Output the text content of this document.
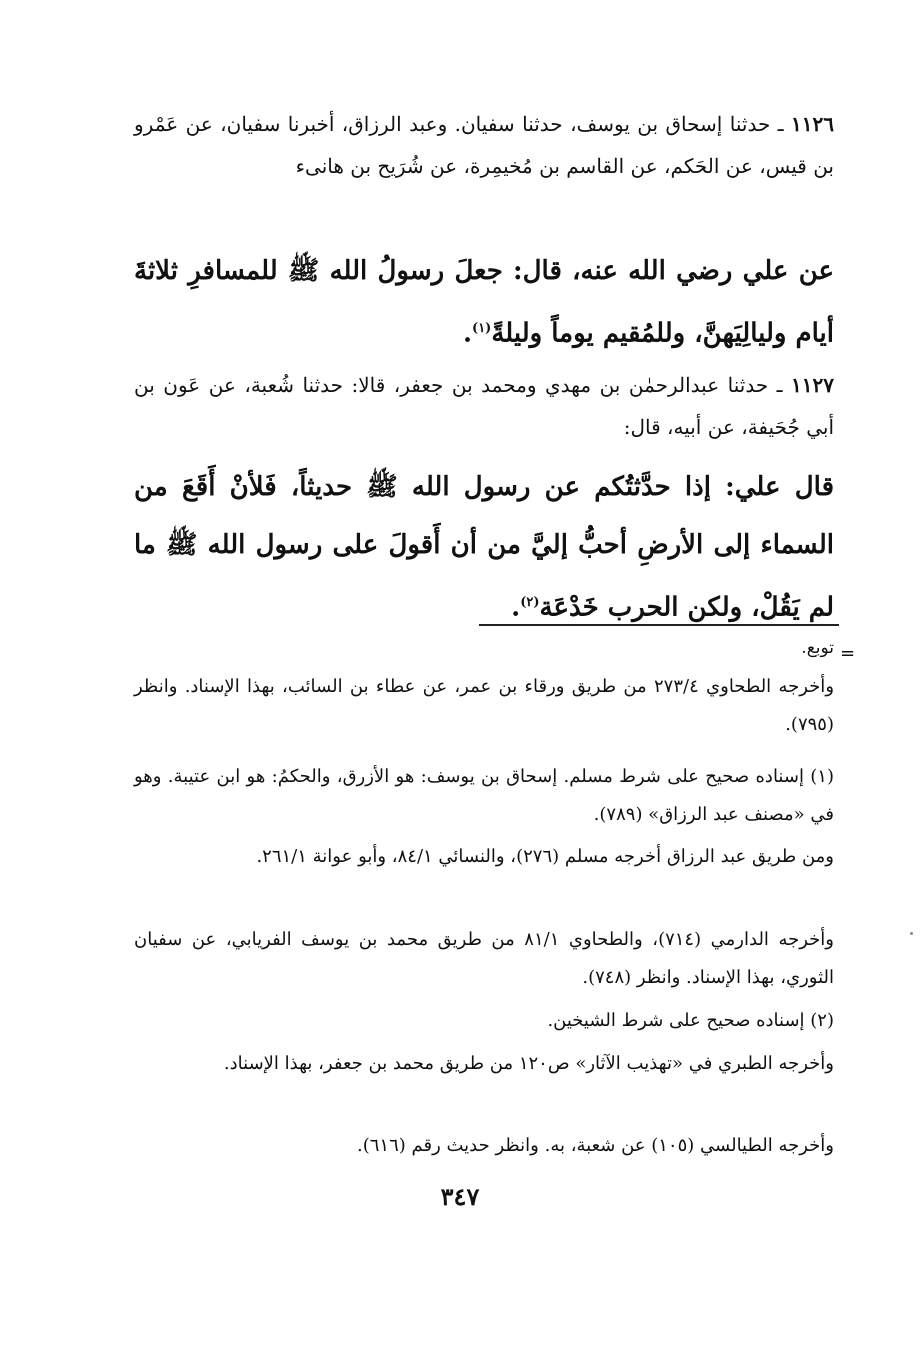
١١٢٦ ـ حدثنا إسحاق بن يوسف، حدثنا سفيان. وعبد الرزاق، أخبرنا سفيان، عن عَمْرو بن قيس، عن الحَكم، عن القاسم بن مُخيمِرة، عن شُرَيح بن هانىء
عن علي رضي الله عنه، قال: جعلَ رسولُ الله ﷺ للمسافرِ ثلاثةَ أيام وليالِيَهنَّ، وللمُقيم يوماً وليلةً$^{(١)}$.
١١٢٧ ـ حدثنا عبدالرحمٰن بن مهدي ومحمد بن جعفر، قالا: حدثنا شُعبة، عن عَون بن أبي جُحَيفة، عن أبيه، قال:
قال علي: إذا حدَّثتُكم عن رسول الله ﷺ حديثاً، فَلأنْ أَقَعَ من السماء إلى الأرضِ أحبُّ إليَّ من أن أَقولَ على رسول الله ﷺ ما لم يَقُلْ، ولكن الحرب خَدْعَة$^{(٢)}$.
=
توبع.
وأخرجه الطحاوي ٢٧٣/٤ من طريق ورقاء بن عمر، عن عطاء بن السائب، بهذا الإسناد. وانظر (٧٩٥).
(١) إسناده صحيح على شرط مسلم. إسحاق بن يوسف: هو الأزرق، والحكمُ: هو ابن عتيبة. وهو في «مصنف عبد الرزاق» (٧٨٩).
ومن طريق عبد الرزاق أخرجه مسلم (٢٧٦)، والنسائي ٨٤/١، وأبو عوانة ٢٦١/١.
وأخرجه الدارمي (٧١٤)، والطحاوي ٨١/١ من طريق محمد بن يوسف الفريابي، عن سفيان الثوري، بهذا الإسناد. وانظر (٧٤٨).
(٢) إسناده صحيح على شرط الشيخين.
وأخرجه الطبري في «تهذيب الآثار» ص١٢٠ من طريق محمد بن جعفر، بهذا الإسناد.
وأخرجه الطيالسي (١٠٥) عن شعبة، به. وانظر حديث رقم (٦١٦).
٣٤٧
